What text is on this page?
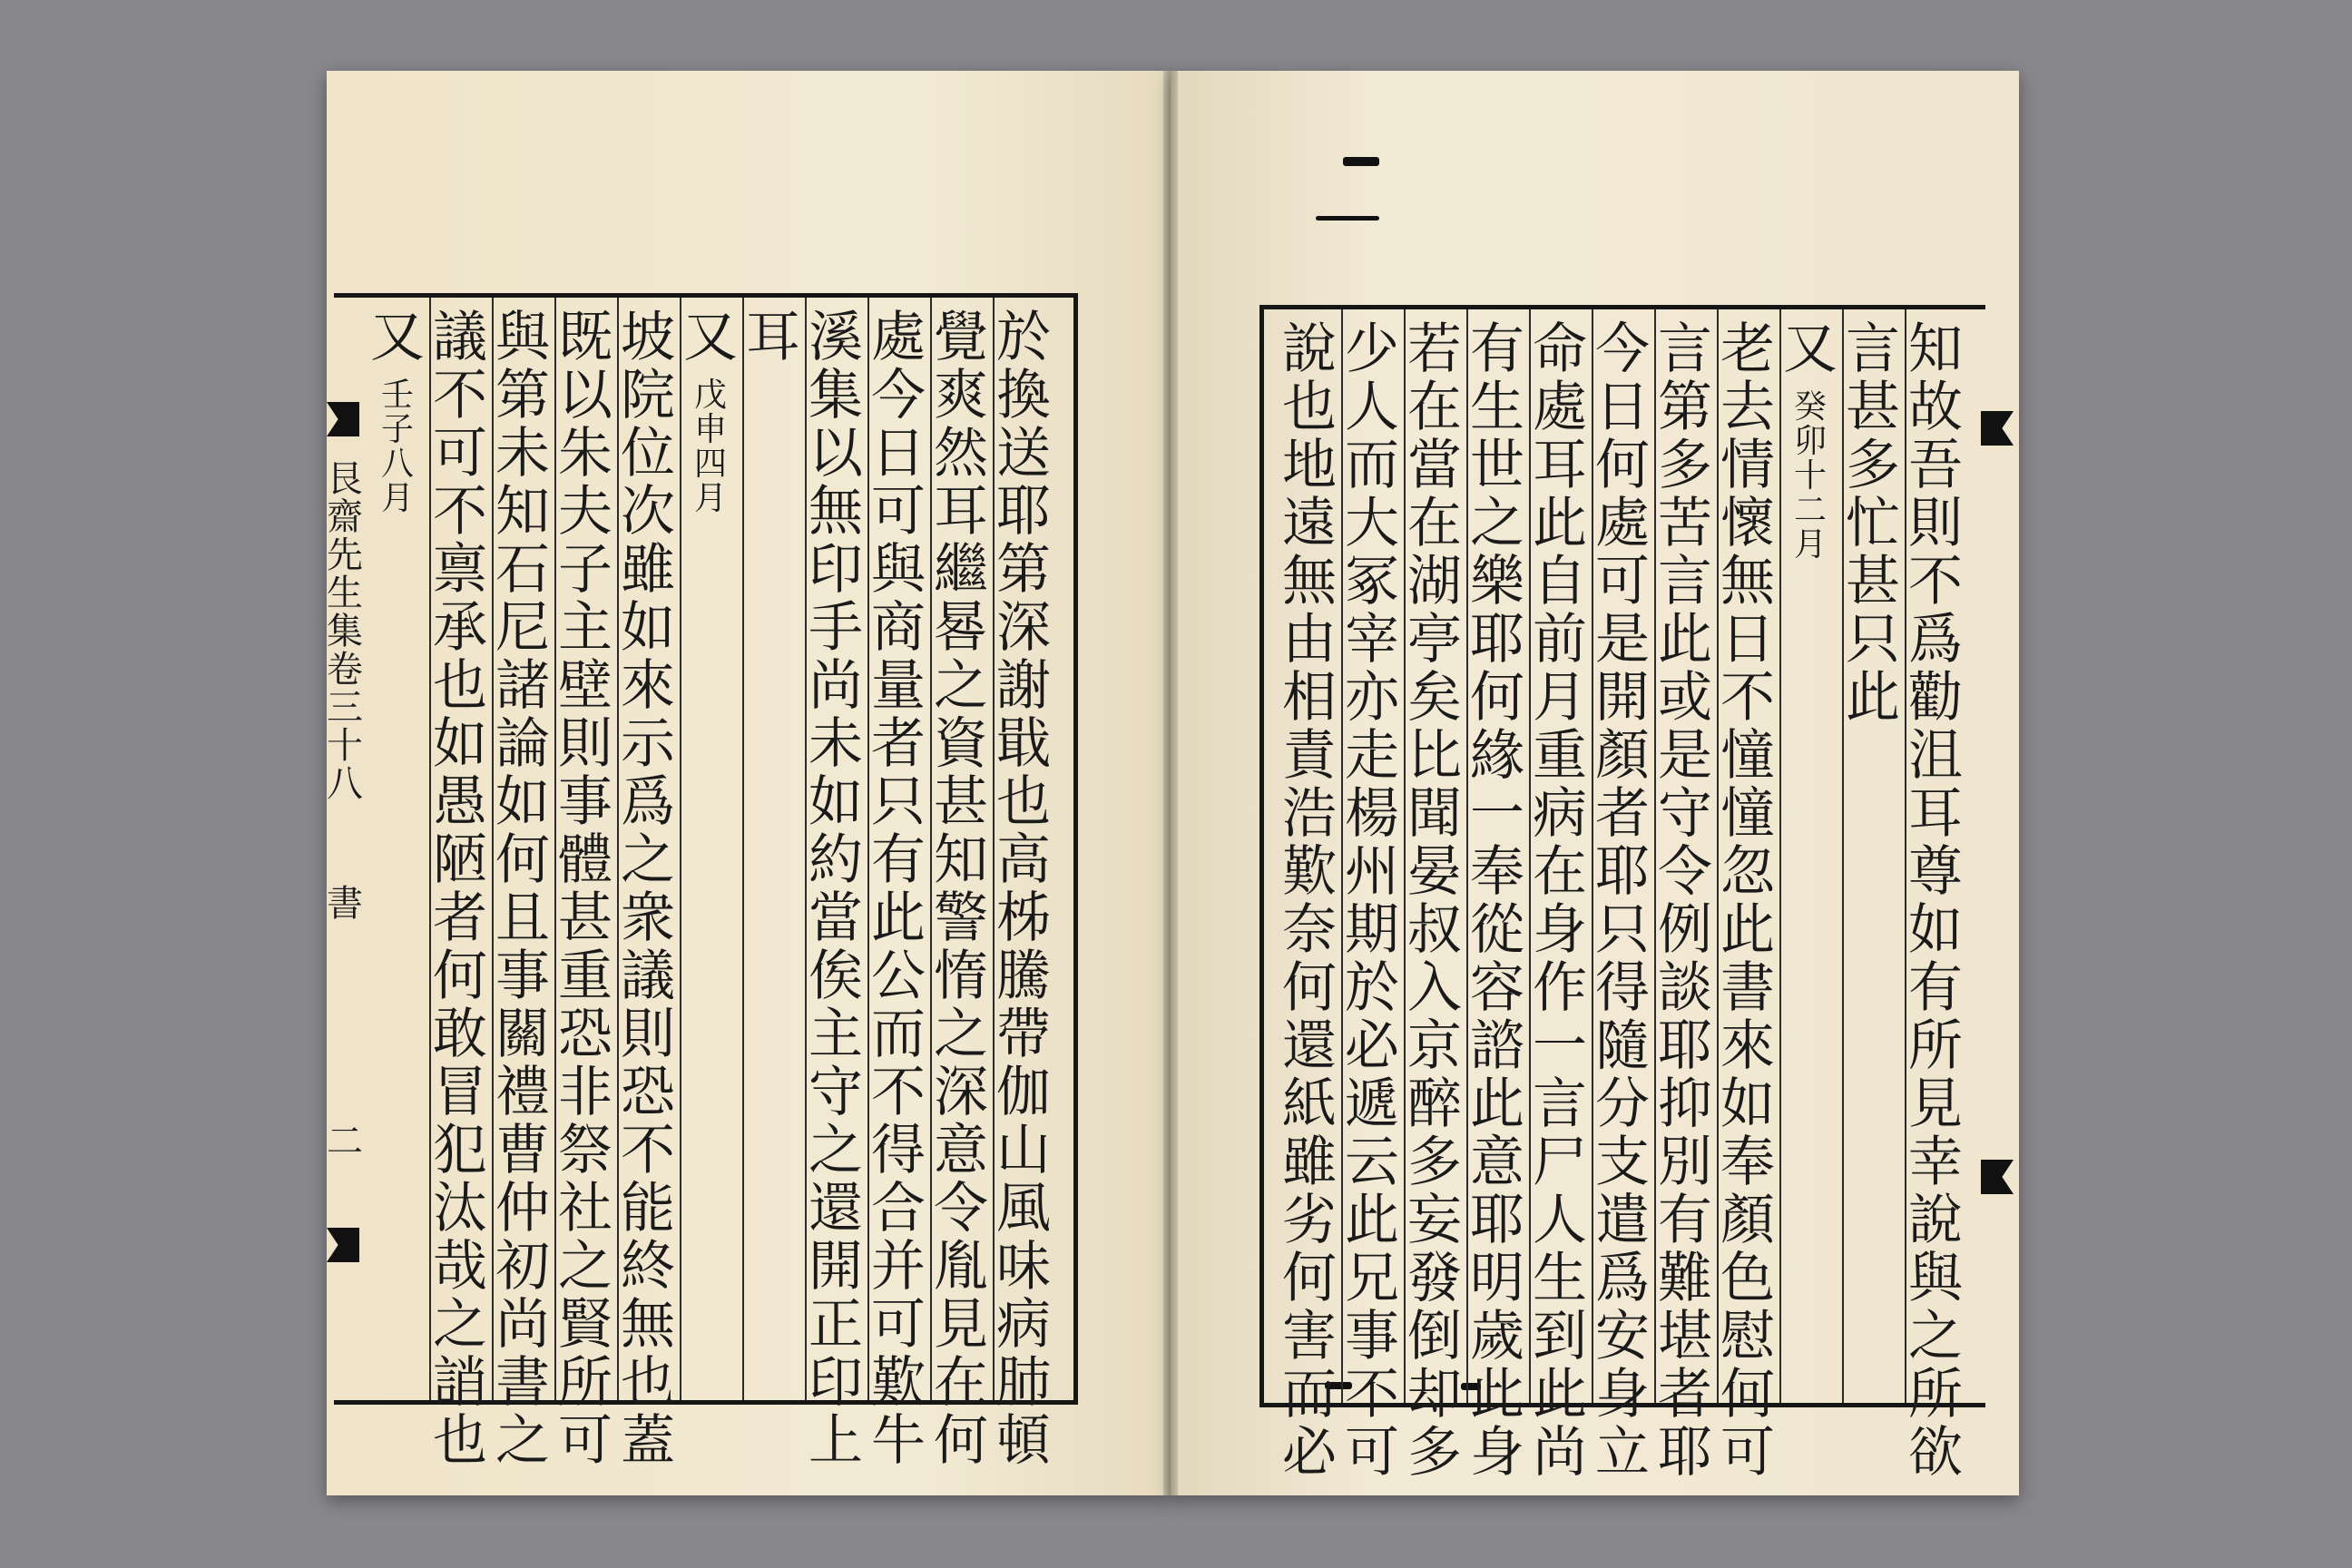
於
換
送
耶
第
深
謝
戢
也
高
柹
騰
帶
伽
山
風
味
病
肺
頓
覺
爽
然
耳
繼
晷
之
資
甚
知
警
惰
之
深
意
令
胤
見
在
何
處
今
日
可
與
商
量
者
只
有
此
公
而
不
得
合
并
可
歎
牛
溪
集
以
無
印
手
尚
未
如
約
當
俟
主
守
之
還
開
正
印
上
耳
又
戊
申
四
月
坡
院
位
次
雖
如
來
示
爲
之
衆
議
則
恐
不
能
終
無
也
蓋
既
以
朱
夫
子
主
壁
則
事
體
甚
重
恐
非
祭
社
之
賢
所
可
與
第
未
知
石
尼
諸
論
如
何
且
事
關
禮
曹
仲
初
尚
書
之
議
不
可
不
禀
承
也
如
愚
陋
者
何
敢
冒
犯
汰
哉
之
誚
也
又
壬
子
八
月
艮
齋
先
生
集
卷
三
十
八
書
二
知
故
吾
則
不
爲
勸
沮
耳
尊
如
有
所
見
幸
說
與
之
所
欲
言
甚
多
忙
甚
只
此
又
癸
卯
十
二
月
老
去
情
懷
無
日
不
憧
憧
忽
此
書
來
如
奉
顏
色
慰
何
可
言
第
多
苦
言
此
或
是
守
令
例
談
耶
抑
別
有
難
堪
者
耶
今
日
何
處
可
是
開
顏
者
耶
只
得
隨
分
支
遣
爲
安
身
立
命
處
耳
此
自
前
月
重
病
在
身
作
一
言
尸
人
生
到
此
尚
有
生
世
之
樂
耶
何
緣
一
奉
從
容
諮
此
意
耶
明
歲
此
身
若
在
當
在
湖
亭
矣
比
聞
晏
叔
入
京
醉
多
妄
發
倒
却
多
少
人
而
大
冢
宰
亦
走
楊
州
期
於
必
遞
云
此
兄
事
不
可
說
也
地
遠
無
由
相
責
浩
歎
奈
何
還
紙
雖
劣
何
害
而
必
